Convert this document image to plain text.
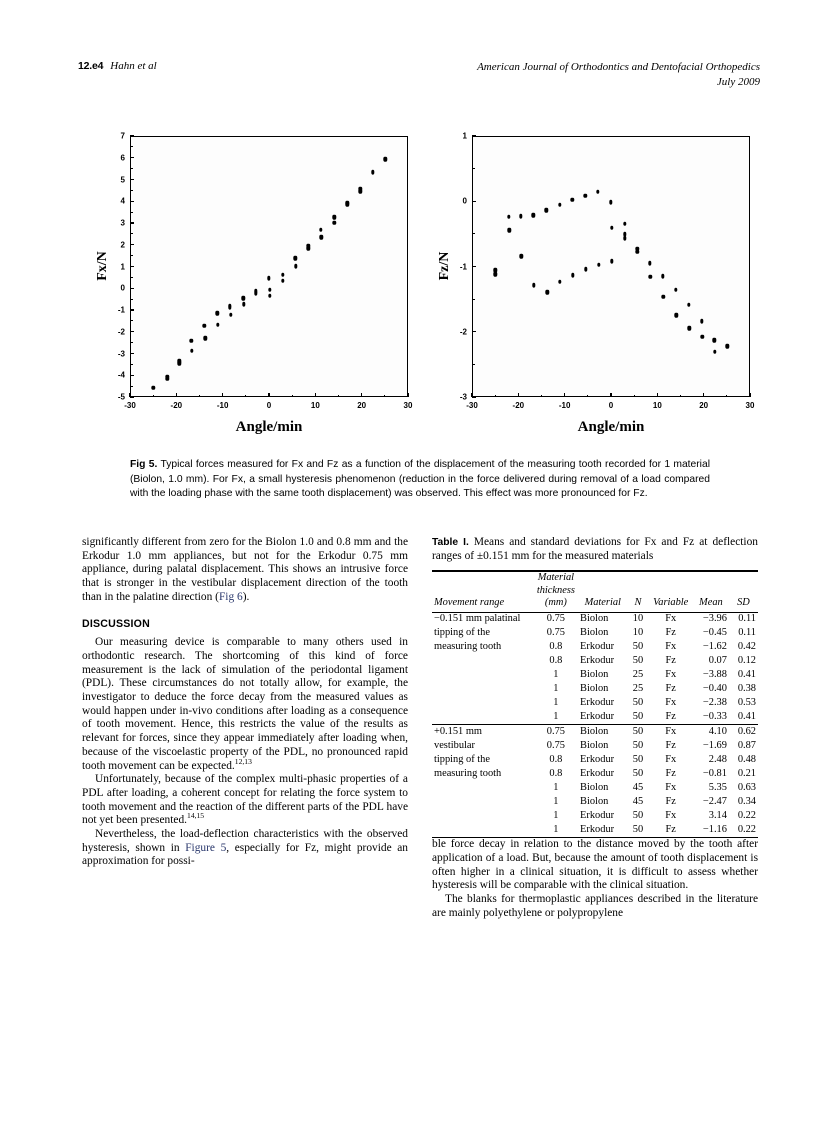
12.e4 Hahn et al	American Journal of Orthodontics and Dentofacial Orthopedics
July 2009
-5
-4
-3
-2
-1
0
1
2
3
4
5
6
7
-30	-20	-10	0	10	20	30
Fx/N
Angle/min
-3
-2
-1
0
1
-30	-20	-10	0	10	20	30
Fz/N
Angle/min
Fig 5. Typical forces measured for Fx and Fz as a function of the displacement of the measuring tooth recorded for 1 material (Biolon, 1.0 mm). For Fx, a small hysteresis phenomenon (reduction in the force delivered during removal of a load compared with the loading phase with the same tooth displacement) was observed. This effect was more pronounced for Fz.

significantly different from zero for the Biolon 1.0 and 0.8 mm and the Erkodur 1.0 mm appliances, but not for the Erkodur 0.75 mm appliance, during palatal displacement. This shows an intrusive force that is stronger in the vestibular displacement direction of the tooth than in the palatine direction (Fig 6).

DISCUSSION

Our measuring device is comparable to many others used in orthodontic research. The shortcoming of this kind of force measurement is the lack of simulation of the periodontal ligament (PDL). These circumstances do not totally allow, for example, the investigator to deduce the force decay from the measured values as would happen under in-vivo conditions after loading as a consequence of tooth movement. Hence, this restricts the value of the results as relevant for forces, since they appear immediately after loading when, because of the viscoelastic property of the PDL, no pronounced rapid tooth movement can be expected.$^{12,13}$

Unfortunately, because of the complex multi-phasic properties of a PDL after loading, a coherent concept for relating the force system to tooth movement and the reaction of the different parts of the PDL have not yet been presented.$^{14,15}$

Nevertheless, the load-deflection characteristics with the observed hysteresis, shown in Figure 5, especially for Fz, might provide an approximation for possi-

Table I. Means and standard deviations for Fx and Fz at deflection ranges of ±0.151 mm for the measured materials
Movement range	Material
thickness
(mm)	Material	N	Variable	Mean	SD
−0.151 mm palatinal	0.75	Biolon	10	Fx	−3.96	0.11
tipping of the	0.75	Biolon	10	Fz	−0.45	0.11
measuring tooth	0.8	Erkodur	50	Fx	−1.62	0.42
	0.8	Erkodur	50	Fz	0.07	0.12
	1	Biolon	25	Fx	−3.88	0.41
	1	Biolon	25	Fz	−0.40	0.38
	1	Erkodur	50	Fx	−2.38	0.53
	1	Erkodur	50	Fz	−0.33	0.41
+0.151 mm	0.75	Biolon	50	Fx	4.10	0.62
vestibular	0.75	Biolon	50	Fz	−1.69	0.87
tipping of the	0.8	Erkodur	50	Fx	2.48	0.48
measuring tooth	0.8	Erkodur	50	Fz	−0.81	0.21
	1	Biolon	45	Fx	5.35	0.63
	1	Biolon	45	Fz	−2.47	0.34
	1	Erkodur	50	Fx	3.14	0.22
	1	Erkodur	50	Fz	−1.16	0.22

ble force decay in relation to the distance moved by the tooth after application of a load. But, because the amount of tooth displacement is often higher in a clinical situation, it is difficult to assess whether hysteresis will be comparable with the clinical situation.

The blanks for thermoplastic appliances described in the literature are mainly polyethylene or polypropylene
